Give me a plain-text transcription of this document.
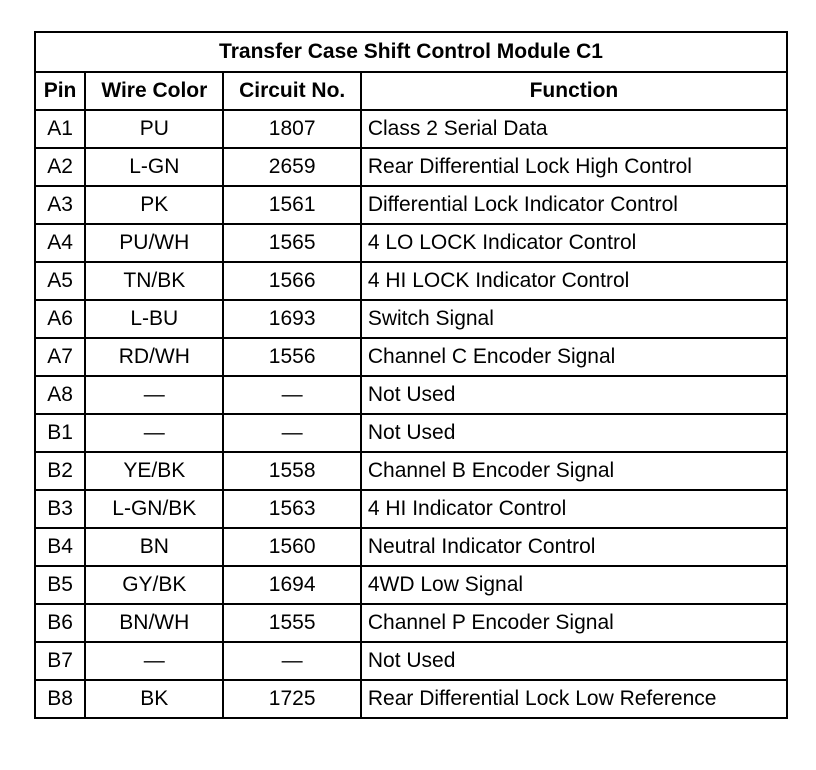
Transfer Case Shift Control Module C1			
Pin	Wire Color	Circuit No.	Function
A1	PU	1807	Class 2 Serial Data
A2	L-GN	2659	Rear Differential Lock High Control
A3	PK	1561	Differential Lock Indicator Control
A4	PU/WH	1565	4 LO LOCK Indicator Control
A5	TN/BK	1566	4 HI LOCK Indicator Control
A6	L-BU	1693	Switch Signal
A7	RD/WH	1556	Channel C Encoder Signal
A8	—	—	Not Used
B1	—	—	Not Used
B2	YE/BK	1558	Channel B Encoder Signal
B3	L-GN/BK	1563	4 HI Indicator Control
B4	BN	1560	Neutral Indicator Control
B5	GY/BK	1694	4WD Low Signal
B6	BN/WH	1555	Channel P Encoder Signal
B7	—	—	Not Used
B8	BK	1725	Rear Differential Lock Low Reference
